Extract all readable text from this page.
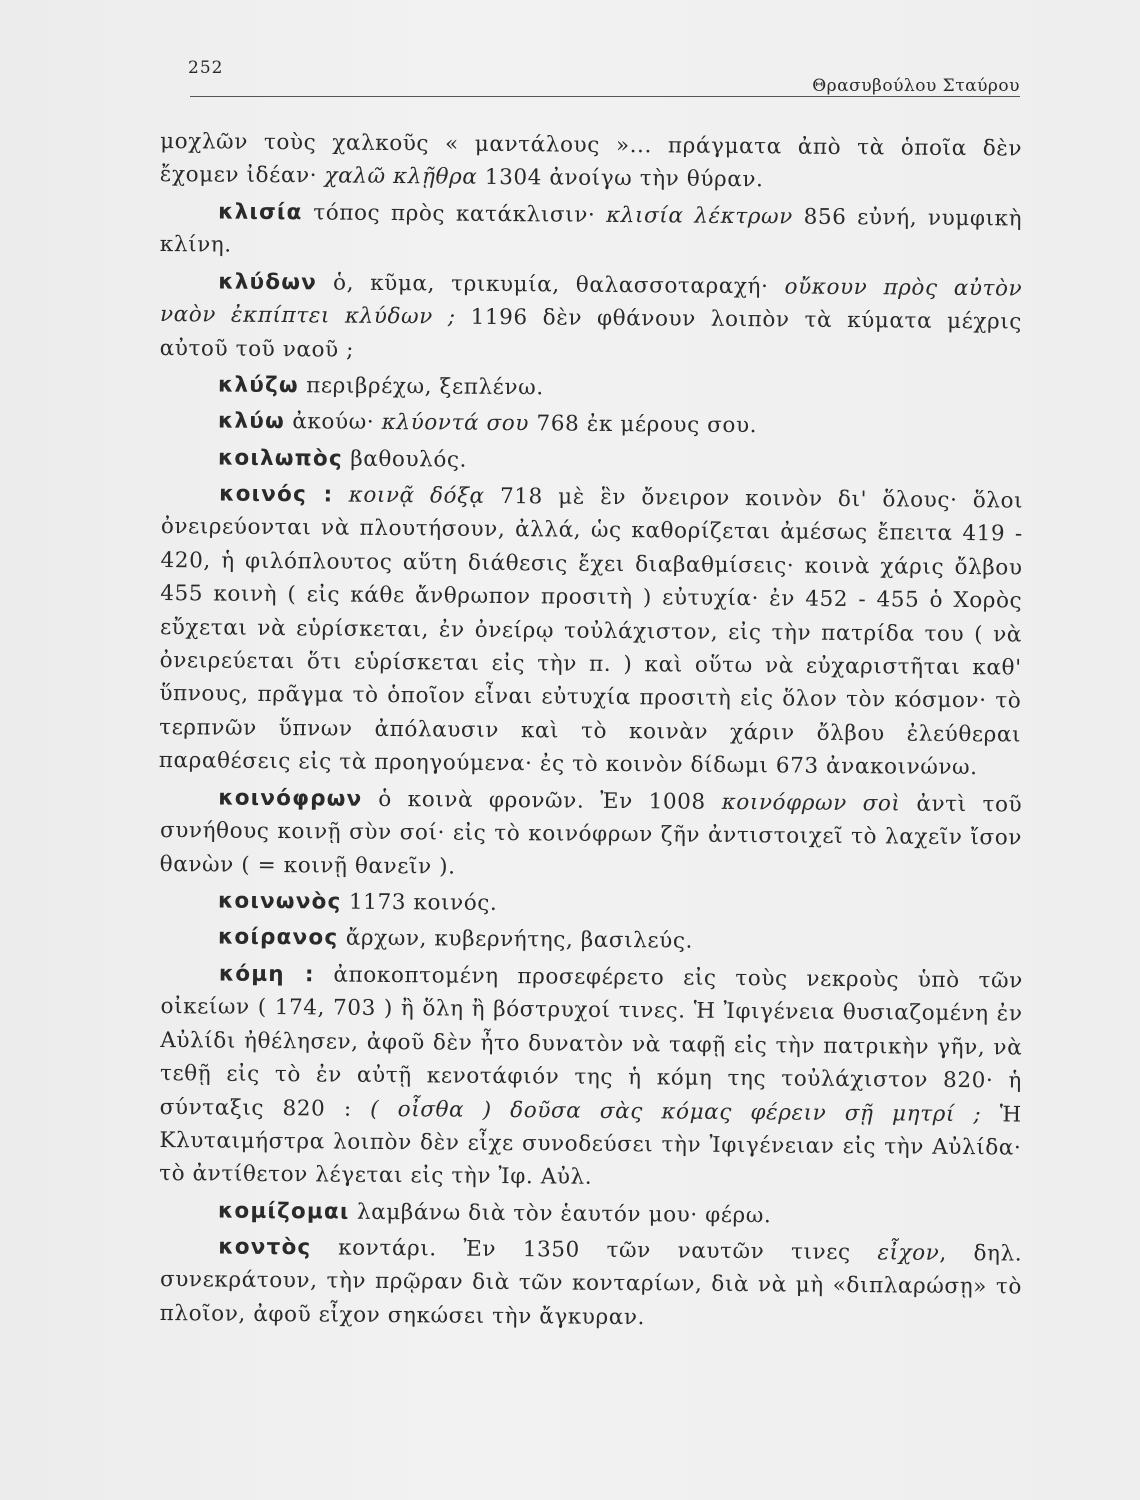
252
Θρασυβούλου Σταύρου

μοχλῶν τοὺς χαλκοῦς « μαντάλους »... πράγματα ἀπὸ τὰ ὁποῖα δὲν ἔχομεν ἰδέαν· χαλῶ κλῇθρα 1304 ἀνοίγω τὴν θύραν.

κλισία τόπος πρὸς κατάκλισιν· κλισία λέκτρων 856 εὐνή, νυμφικὴ κλίνη.

κλύδων ὁ, κῦμα, τρικυμία, θαλασσοταραχή· οὔκουν πρὸς αὐτὸν ναὸν ἐκπίπτει κλύδων ; 1196 δὲν φθάνουν λοιπὸν τὰ κύματα μέχρις αὐτοῦ τοῦ ναοῦ ;

κλύζω περιβρέχω, ξεπλένω.

κλύω ἀκούω· κλύοντά σου 768 ἐκ μέρους σου.

κοιλωπὸς βαθουλός.

κοινός : κοινᾷ δόξᾳ 718 μὲ ἓν ὄνειρον κοινὸν δι' ὅλους· ὅλοι ὀνειρεύονται νὰ πλουτήσουν, ἀλλά, ὡς καθορίζεται ἀμέσως ἔπειτα 419 - 420, ἡ φιλόπλουτος αὕτη διάθεσις ἔχει διαβαθμίσεις· κοινὰ χάρις ὄλβου 455 κοινὴ ( εἰς κάθε ἄνθρωπον προσιτὴ ) εὐτυχία· ἐν 452 - 455 ὁ Χορὸς εὔχεται νὰ εὑρίσκεται, ἐν ὀνείρῳ τοὐλάχιστον, εἰς τὴν πατρίδα του ( νὰ ὀνειρεύεται ὅτι εὑρίσκεται εἰς τὴν π. ) καὶ οὕτω νὰ εὐχαριστῆται καθ' ὕπνους, πρᾶγμα τὸ ὁποῖον εἶναι εὐτυχία προσιτὴ εἰς ὅλον τὸν κόσμον· τὸ τερπνῶν ὕπνων ἀπόλαυσιν καὶ τὸ κοινὰν χάριν ὄλβου ἐλεύθεραι παραθέσεις εἰς τὰ προηγούμενα· ἐς τὸ κοινὸν δίδωμι 673 ἀνακοινώνω.

κοινόφρων ὁ κοινὰ φρονῶν. Ἐν 1008 κοινόφρων σοὶ ἀντὶ τοῦ συνήθους κοινῇ σὺν σοί· εἰς τὸ κοινόφρων ζῆν ἀντιστοιχεῖ τὸ λαχεῖν ἴσον θανὼν ( = κοινῇ θανεῖν ).

κοινωνὸς 1173 κοινός.

κοίρανος ἄρχων, κυβερνήτης, βασιλεύς.

κόμη : ἀποκοπτομένη προσεφέρετο εἰς τοὺς νεκροὺς ὑπὸ τῶν οἰκείων ( 174, 703 ) ἢ ὅλη ἢ βόστρυχοί τινες. Ἡ Ἰφιγένεια θυσιαζομένη ἐν Αὐλίδι ἠθέλησεν, ἀφοῦ δὲν ἦτο δυνατὸν νὰ ταφῇ εἰς τὴν πατρικὴν γῆν, νὰ τεθῇ εἰς τὸ ἐν αὐτῇ κενοτάφιόν της ἡ κόμη της τοὐλάχιστον 820· ἡ σύνταξις 820 : ( οἶσθα ) δοῦσα σὰς κόμας φέρειν σῇ μητρί ; Ἡ Κλυταιμήστρα λοιπὸν δὲν εἶχε συνοδεύσει τὴν Ἰφιγένειαν εἰς τὴν Αὐλίδα· τὸ ἀντίθετον λέγεται εἰς τὴν Ἰφ. Αὐλ.

κομίζομαι λαμβάνω διὰ τὸν ἑαυτόν μου· φέρω.

κοντὸς κοντάρι. Ἐν 1350 τῶν ναυτῶν τινες εἶχον, δηλ. συνεκράτουν, τὴν πρῷραν διὰ τῶν κονταρίων, διὰ νὰ μὴ «διπλαρώσῃ» τὸ πλοῖον, ἀφοῦ εἶχον σηκώσει τὴν ἄγκυραν.
